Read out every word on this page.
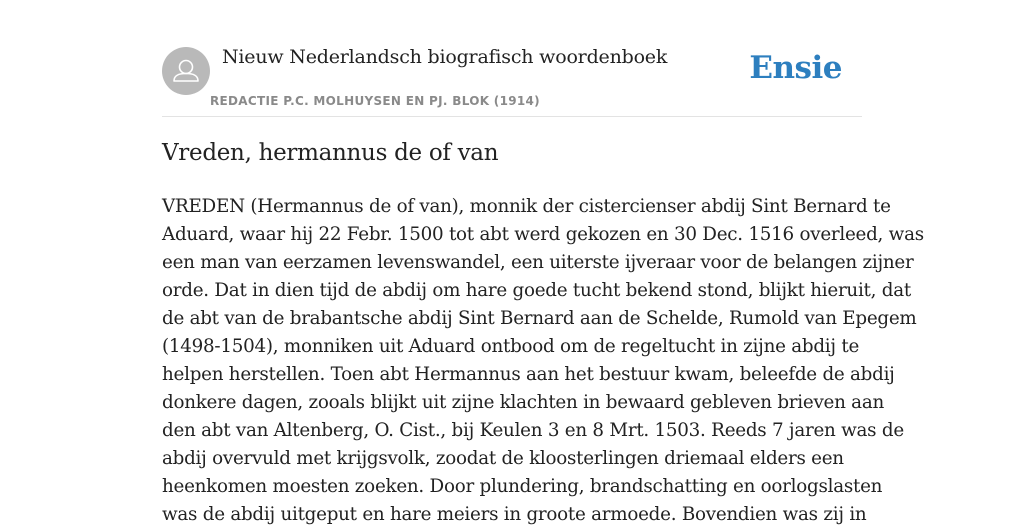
Nieuw Nederlandsch biografisch woordenboek
REDACTIE P.C. MOLHUYSEN EN PJ. BLOK (1914)
Ensie
Vreden, hermannus de of van
VREDEN (Hermannus de of van), monnik der cistercienser abdij Sint Bernard te
Aduard, waar hij 22 Febr. 1500 tot abt werd gekozen en 30 Dec. 1516 overleed, was
een man van eerzamen levenswandel, een uiterste ijveraar voor de belangen zijner
orde. Dat in dien tijd de abdij om hare goede tucht bekend stond, blijkt hieruit, dat
de abt van de brabantsche abdij Sint Bernard aan de Schelde, Rumold van Epegem
(1498-1504), monniken uit Aduard ontbood om de regeltucht in zijne abdij te
helpen herstellen. Toen abt Hermannus aan het bestuur kwam, beleefde de abdij
donkere dagen, zooals blijkt uit zijne klachten in bewaard gebleven brieven aan
den abt van Altenberg, O. Cist., bij Keulen 3 en 8 Mrt. 1503. Reeds 7 jaren was de
abdij overvuld met krijgsvolk, zoodat de kloosterlingen driemaal elders een
heenkomen moesten zoeken. Door plundering, brandschatting en oorlogslasten
was de abdij uitgeput en hare meiers in groote armoede. Bovendien was zij in
